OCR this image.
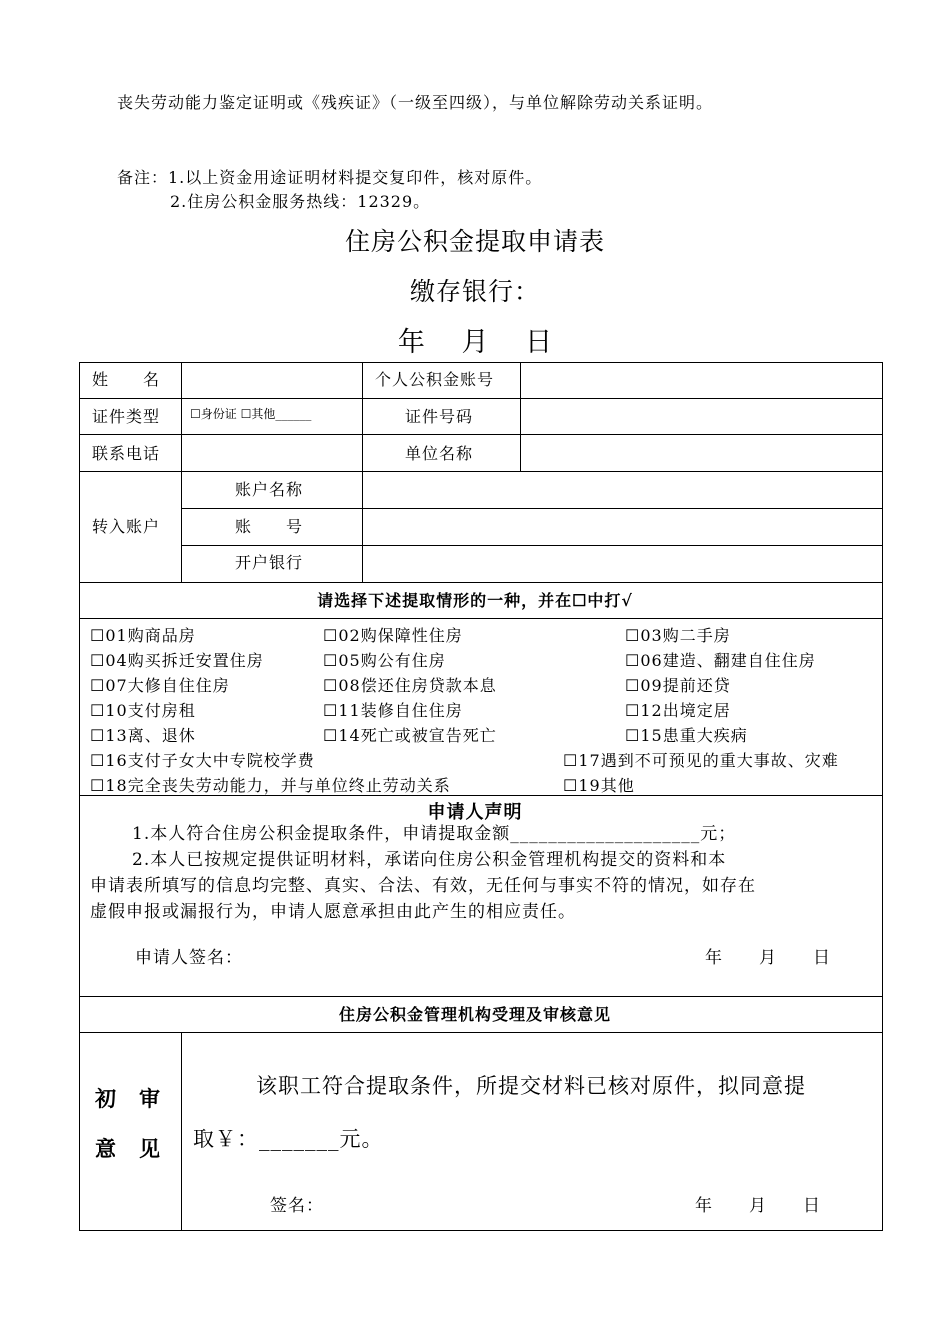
丧失劳动能力鉴定证明或《残疾证》（一级至四级），与单位解除劳动关系证明。
备注：1.以上资金用途证明材料提交复印件，核对原件。
2.住房公积金服务热线：12329。
住房公积金提取申请表
缴存银行：
年 月 日
姓　　名	个人公积金账号
证件类型 ☐身份证 ☐其他______	证件号码
联系电话	单位名称
转入账户
账户名称
账　　号
开户银行
请选择下述提取情形的一种，并在☐中打√
☐01购商品房	☐02购保障性住房	☐03购二手房
☐04购买拆迁安置住房	☐05购公有住房	☐06建造、翻建自住住房
☐07大修自住住房	☐08偿还住房贷款本息	☐09提前还贷
☐10支付房租	☐11装修自住住房	☐12出境定居
☐13离、退休	☐14死亡或被宣告死亡	☐15患重大疾病
☐16支付子女大中专院校学费	☐17遇到不可预见的重大事故、灾难
☐18完全丧失劳动能力，并与单位终止劳动关系	☐19其他
申请人声明
1.本人符合住房公积金提取条件，申请提取金额____________________元；
2.本人已按规定提供证明材料，承诺向住房公积金管理机构提交的资料和本
申请表所填写的信息均完整、真实、合法、有效，无任何与事实不符的情况，如存在
虚假申报或漏报行为，申请人愿意承担由此产生的相应责任。
申请人签名：	年　　月　　日
住房公积金管理机构受理及审核意见
初　审
意　见
该职工符合提取条件，所提交材料已核对原件，拟同意提
取￥：_______元。
签名：	年　　月　　日
